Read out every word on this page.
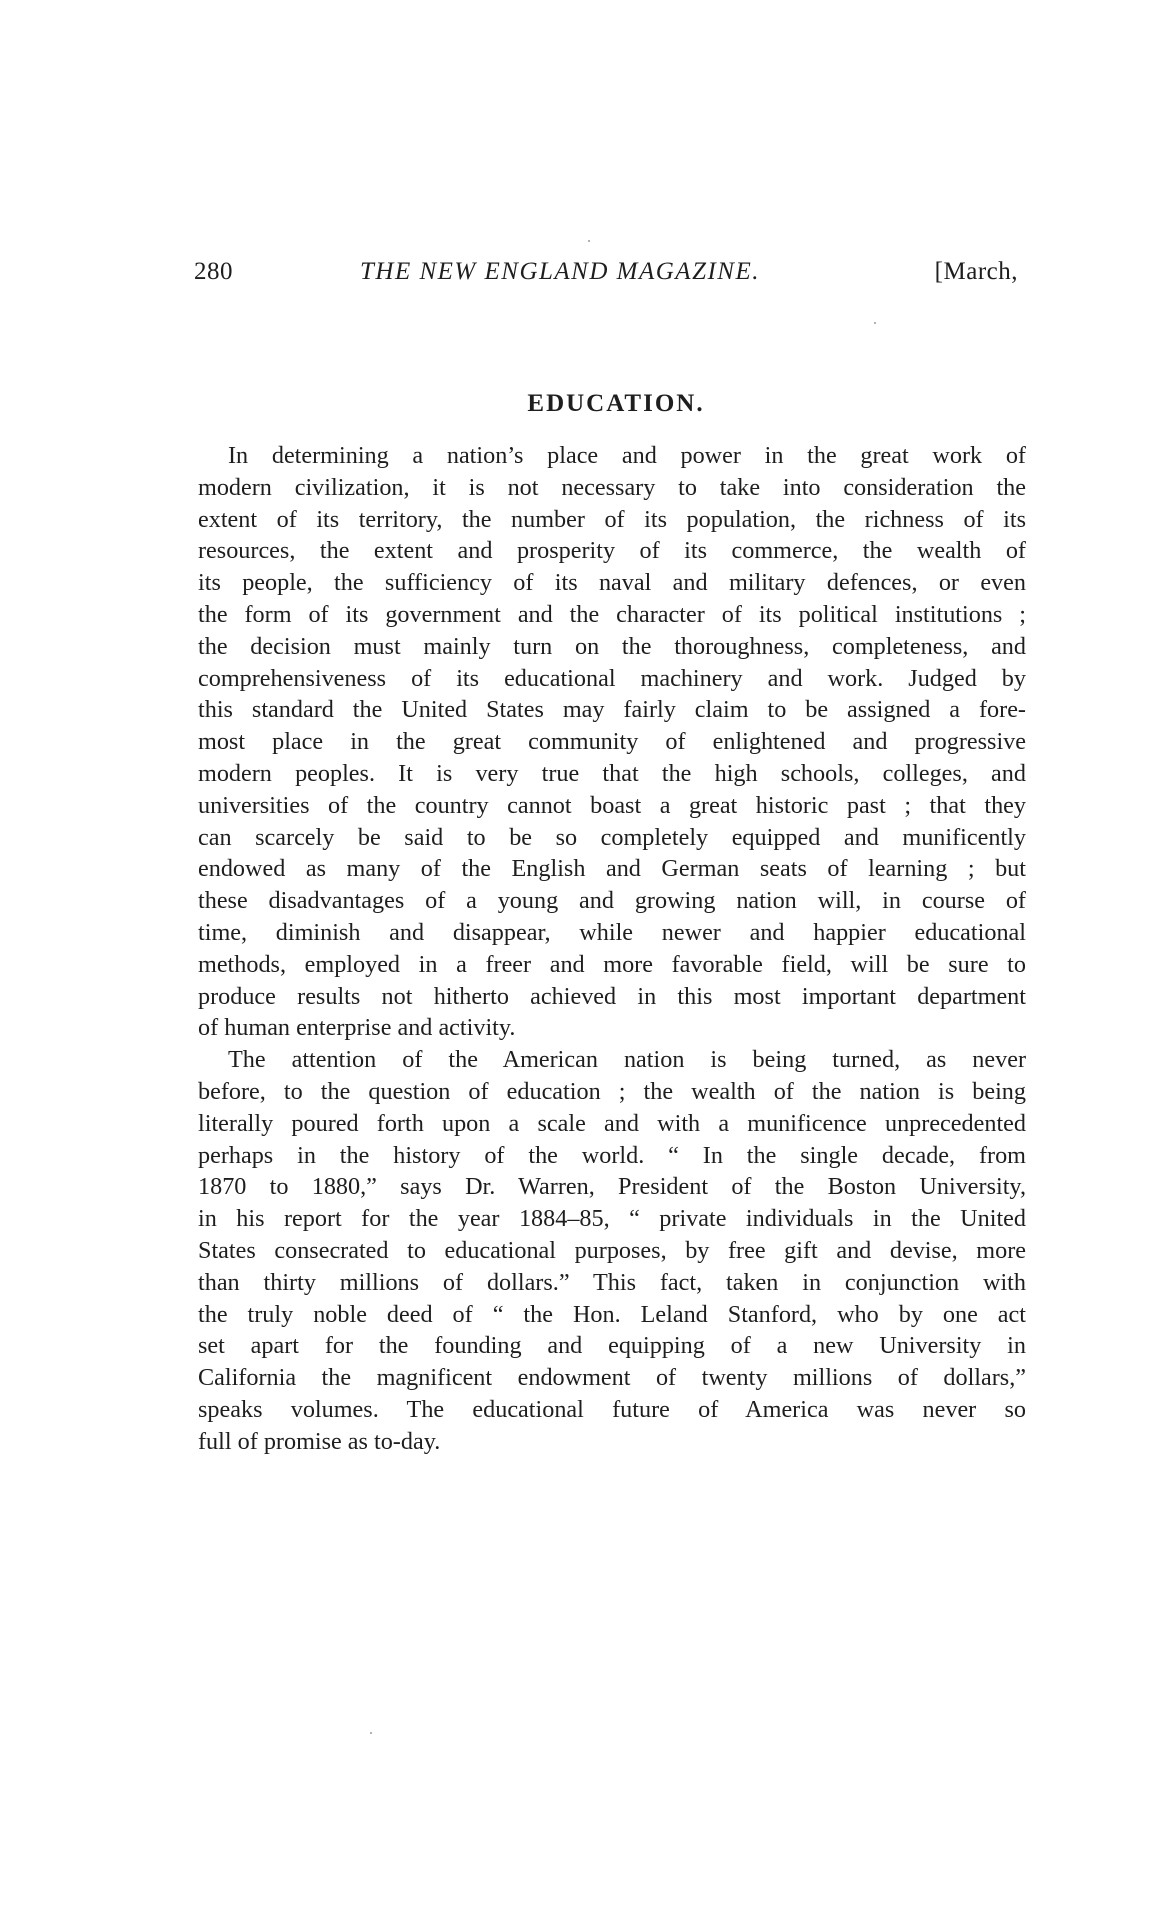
280	THE NEW ENGLAND MAGAZINE.	[March,
EDUCATION.
In determining a nation’s place and power in the great work of
modern civilization, it is not necessary to take into consideration the
extent of its territory, the number of its population, the richness of its
resources, the extent and prosperity of its commerce, the wealth of
its people, the sufficiency of its naval and military defences, or even
the form of its government and the character of its political institutions ;
the decision must mainly turn on the thoroughness, completeness, and
comprehensiveness of its educational machinery and work. Judged by
this standard the United States may fairly claim to be assigned a fore-
most place in the great community of enlightened and progressive
modern peoples. It is very true that the high schools, colleges, and
universities of the country cannot boast a great historic past ; that they
can scarcely be said to be so completely equipped and munificently
endowed as many of the English and German seats of learning ; but
these disadvantages of a young and growing nation will, in course of
time, diminish and disappear, while newer and happier educational
methods, employed in a freer and more favorable field, will be sure to
produce results not hitherto achieved in this most important department
of human enterprise and activity.
The attention of the American nation is being turned, as never
before, to the question of education ; the wealth of the nation is being
literally poured forth upon a scale and with a munificence unprecedented
perhaps in the history of the world. “ In the single decade, from
1870 to 1880,” says Dr. Warren, President of the Boston University,
in his report for the year 1884–85, “ private individuals in the United
States consecrated to educational purposes, by free gift and devise, more
than thirty millions of dollars.” This fact, taken in conjunction with
the truly noble deed of “ the Hon. Leland Stanford, who by one act
set apart for the founding and equipping of a new University in
California the magnificent endowment of twenty millions of dollars,”
speaks volumes. The educational future of America was never so
full of promise as to-day.
